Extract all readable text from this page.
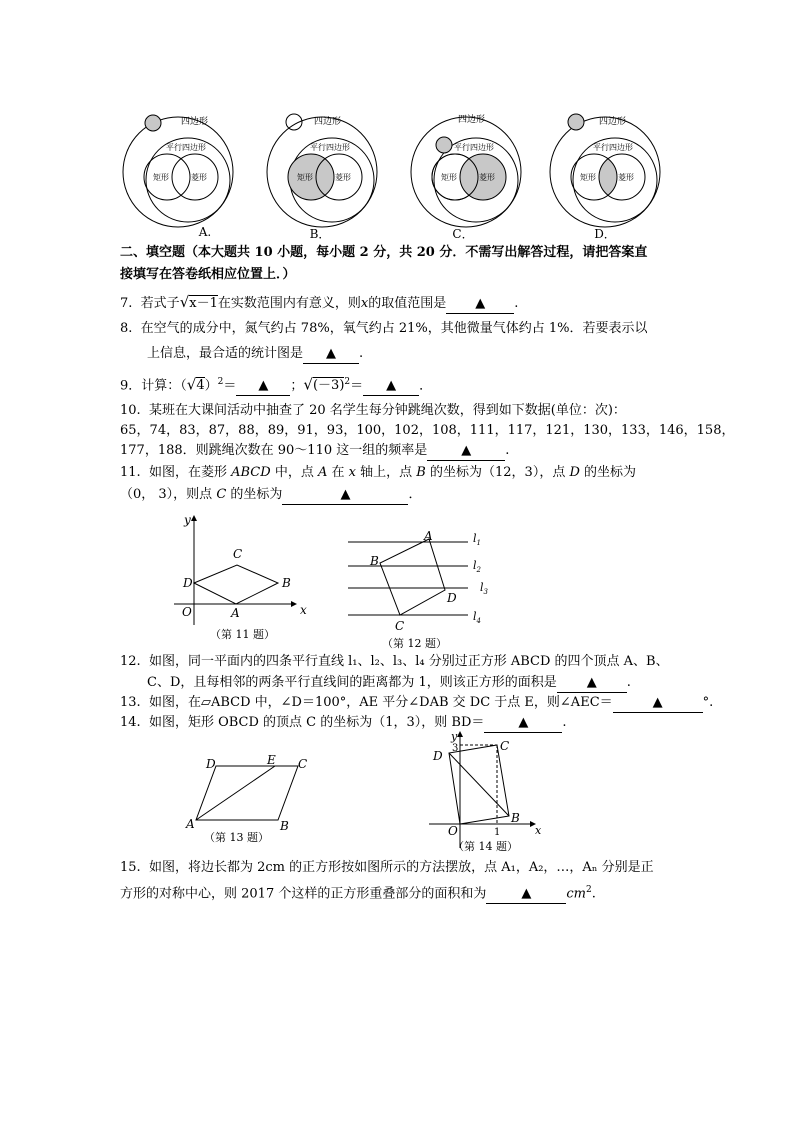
四边形
平行四边形
矩形	菱形
四边形
平行四边形
矩形	菱形
四边形
平行四边形
矩形	菱形
四边形
平行四边形
矩形	菱形
A.	B．	C．	D．
二、填空题（本大题共 10 小题，每小题 2 分，共 20 分．不需写出解答过程，请把答案直
接填写在答卷纸相应位置上．）
7. 若式子√x－1在实数范围内有意义，则x的取值范围是 ▲ .
8. 在空气的成分中，氮气约占 78%，氧气约占 21%，其他微量气体约占 1%．若要表示以
上信息，最合适的统计图是 ▲ .
9．计算：$(√4)^2=$ ▲ ；$√(-3)^2=$ ▲ ．
10. 某班在大课间活动中抽查了 20 名学生每分钟跳绳次数，得到如下数据(单位：次)：
65，74，83，87，88，89，91，93，100，102，108，111，117，121，130，133，146，158，
177，188．则跳绳次数在 90～110 这一组的频率是	▲	.
11. 如图，在菱形 ABCD 中，点 A 在 x 轴上，点 B 的坐标为（12，3），点 D 的坐标为
（0， 3），则点 C 的坐标为	▲	．
y
x
O	A
B
C
D
（第 11 题）
A
B
C
D
$l_1$
$l_2$
$l_3$
$l_4$
（第 12 题）
12. 如图，同一平面内的四条平行直线 l₁、l₂、l₃、l₄ 分别过正方形 ABCD 的四个顶点 A、B、
C、D，且每相邻的两条平行直线间的距离都为 1，则该正方形的面积是 ▲ .
13. 如图，在▱ABCD 中，∠D＝100°，AE 平分∠DAB 交 DC 于点 E，则∠AEC＝	▲	°.
14. 如图，矩形 OBCD 的顶点 C 的坐标为（1，3），则 BD＝	▲	.
D	E C
A	B
（第 13 题）
y
x
O
B
C
D
3
1
（第 14 题）
15. 如图，将边长都为 2cm 的正方形按如图所示的方法摆放，点 A₁，A₂，…，Aₙ 分别是正
方形的对称中心，则 2017 个这样的正方形重叠部分的面积和为	▲	$cm^2$.
